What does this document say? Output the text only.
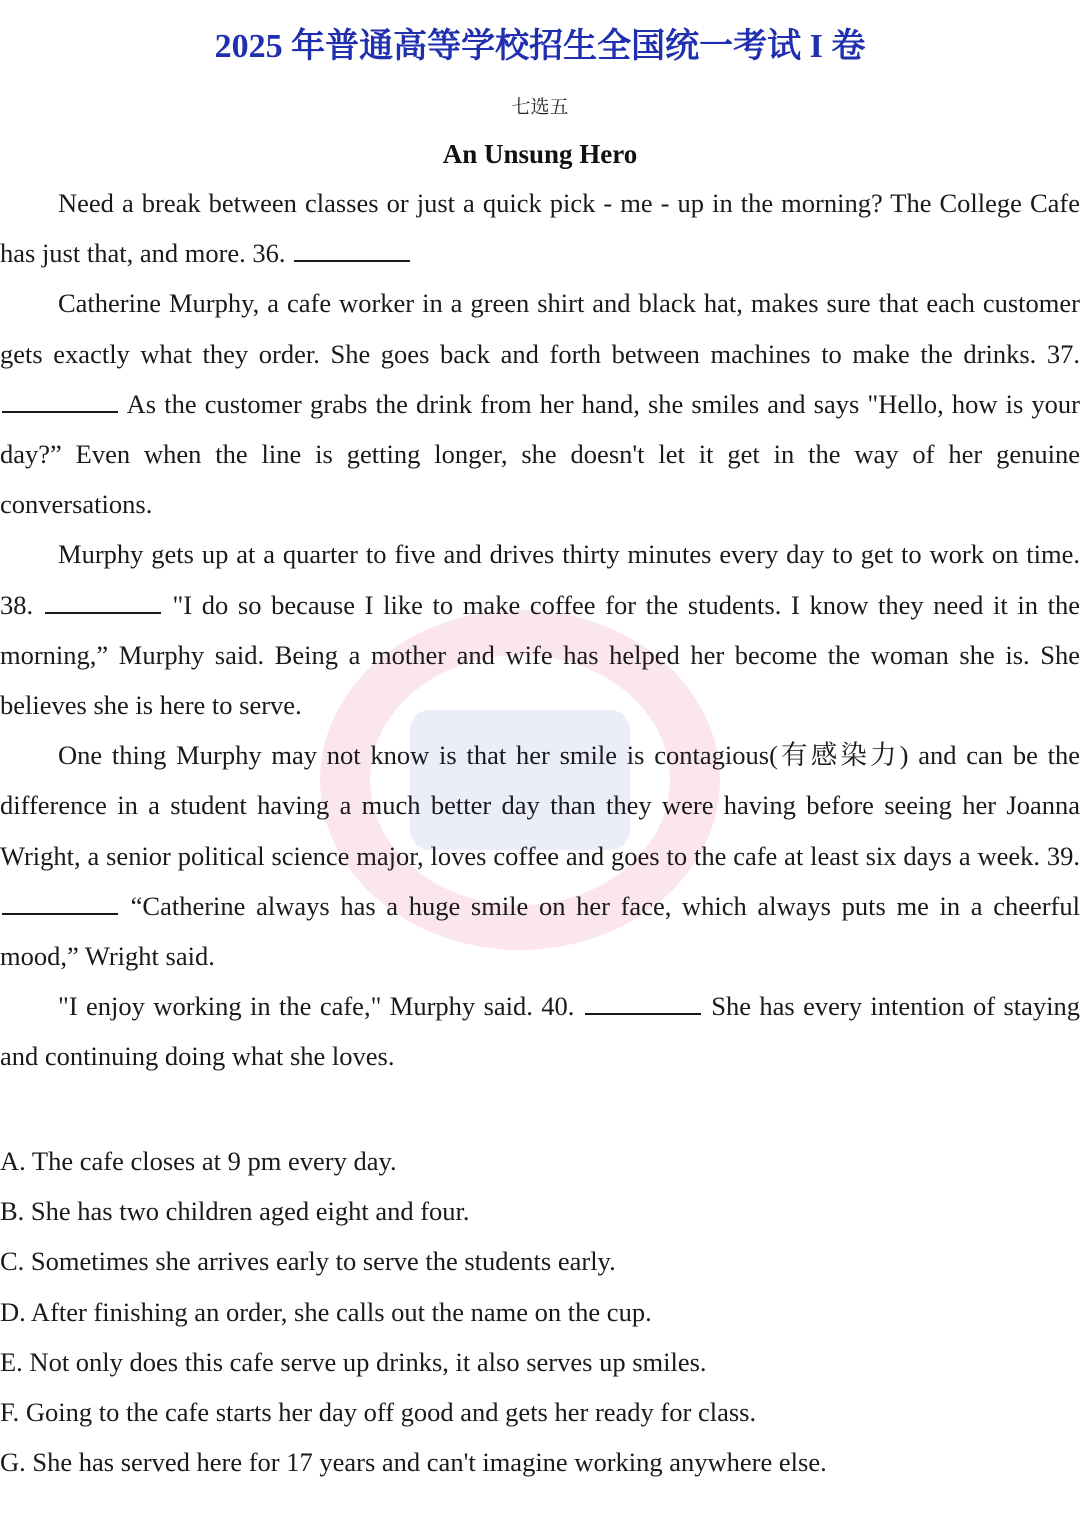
2025 年普通高等学校招生全国统一考试 I 卷
七选五
An Unsung Hero

Need a break between classes or just a quick pick - me - up in the morning? The College Cafe has just that, and more. 36.

Catherine Murphy, a cafe worker in a green shirt and black hat, makes sure that each customer gets exactly what they order. She goes back and forth between machines to make the drinks. 37.  As the customer grabs the drink from her hand, she smiles and says "Hello, how is your day?” Even when the line is getting longer, she doesn't let it get in the way of her genuine conversations.

Murphy gets up at a quarter to five and drives thirty minutes every day to get to work on time. 38.	"I do so because I like to make coffee for the students. I know they need it in the morning,” Murphy said. Being a mother and wife has helped her become the woman she is. She believes she is here to serve.

One thing Murphy may not know is that her smile is contagious(有感染力) and can be the difference in a student having a much better day than they were having before seeing her Joanna Wright, a senior political science major, loves coffee and goes to the cafe at least six days a week. 39.  “Catherine always has a huge smile on her face, which always puts me in a cheerful mood,” Wright said.

"I enjoy working in the cafe," Murphy said. 40.	She has every intention of staying and continuing doing what she loves.

A. The cafe closes at 9 pm every day.
B. She has two children aged eight and four.
C. Sometimes she arrives early to serve the students early.
D. After finishing an order, she calls out the name on the cup.
E. Not only does this cafe serve up drinks, it also serves up smiles.
F. Going to the cafe starts her day off good and gets her ready for class.
G. She has served here for 17 years and can't imagine working anywhere else.
